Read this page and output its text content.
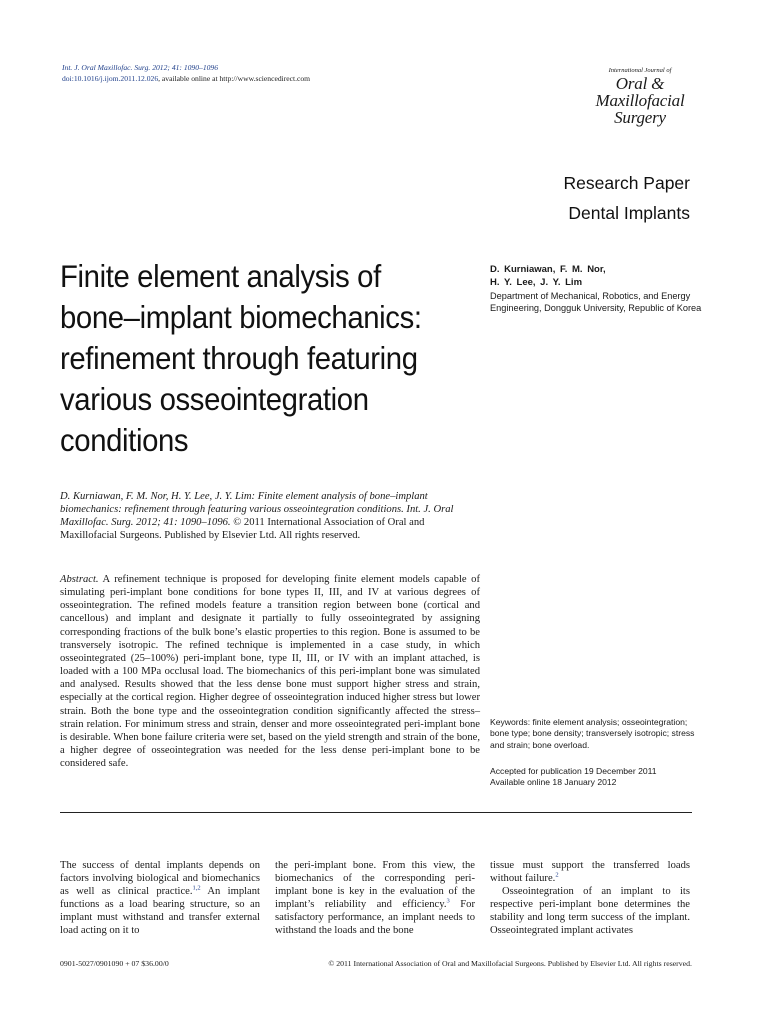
Int. J. Oral Maxillofac. Surg. 2012; 41: 1090–1096
doi:10.1016/j.ijom.2011.12.026, available online at http://www.sciencedirect.com
International Journal of
Oral &
Maxillofacial
Surgery
Research Paper
Dental Implants
Finite element analysis of
bone–implant biomechanics:
refinement through featuring
various osseointegration
conditions
D. Kurniawan, F. M. Nor,
H. Y. Lee, J. Y. Lim
Department of Mechanical, Robotics, and Energy Engineering, Dongguk University, Republic of Korea
D. Kurniawan, F. M. Nor, H. Y. Lee, J. Y. Lim: Finite element analysis of bone–implant biomechanics: refinement through featuring various osseointegration conditions. Int. J. Oral Maxillofac. Surg. 2012; 41: 1090–1096. © 2011 International Association of Oral and Maxillofacial Surgeons. Published by Elsevier Ltd. All rights reserved.
Abstract. A refinement technique is proposed for developing finite element models capable of simulating peri-implant bone conditions for bone types II, III, and IV at various degrees of osseointegration. The refined models feature a transition region between bone (cortical and cancellous) and implant and designate it partially to fully osseointegrated by assigning corresponding fractions of the bulk bone’s elastic properties to this region. Bone is assumed to be transversely isotropic. The refined technique is implemented in a case study, in which osseointegrated (25–100%) peri-implant bone, type II, III, or IV with an implant attached, is loaded with a 100 MPa occlusal load. The biomechanics of this peri-implant bone was simulated and analysed. Results showed that the less dense bone must support higher stress and strain, especially at the cortical region. Higher degree of osseointegration induced higher stress but lower strain. Both the bone type and the osseointegration condition significantly affected the stress–strain relation. For minimum stress and strain, denser and more osseointegrated peri-implant bone is desirable. When bone failure criteria were set, based on the yield strength and strain of the bone, a higher degree of osseointegration was needed for the less dense peri-implant bone to be considered safe.
Keywords: finite element analysis; osseointegration; bone type; bone density; transversely isotropic; stress and strain; bone overload.
Accepted for publication 19 December 2011
Available online 18 January 2012
The success of dental implants depends on factors involving biological and biomechanics as well as clinical practice.$^{1,2}$ An implant functions as a load bearing structure, so an implant must withstand and transfer external load acting on it to
the peri-implant bone. From this view, the biomechanics of the corresponding peri-implant bone is key in the evaluation of the implant’s reliability and efficiency.$^3$ For satisfactory performance, an implant needs to withstand the loads and the bone
tissue must support the transferred loads without failure.$^2$
Osseointegration of an implant to its respective peri-implant bone determines the stability and long term success of the implant. Osseointegrated implant activates
0901-5027/0901090 + 07 $36.00/0	© 2011 International Association of Oral and Maxillofacial Surgeons. Published by Elsevier Ltd. All rights reserved.
